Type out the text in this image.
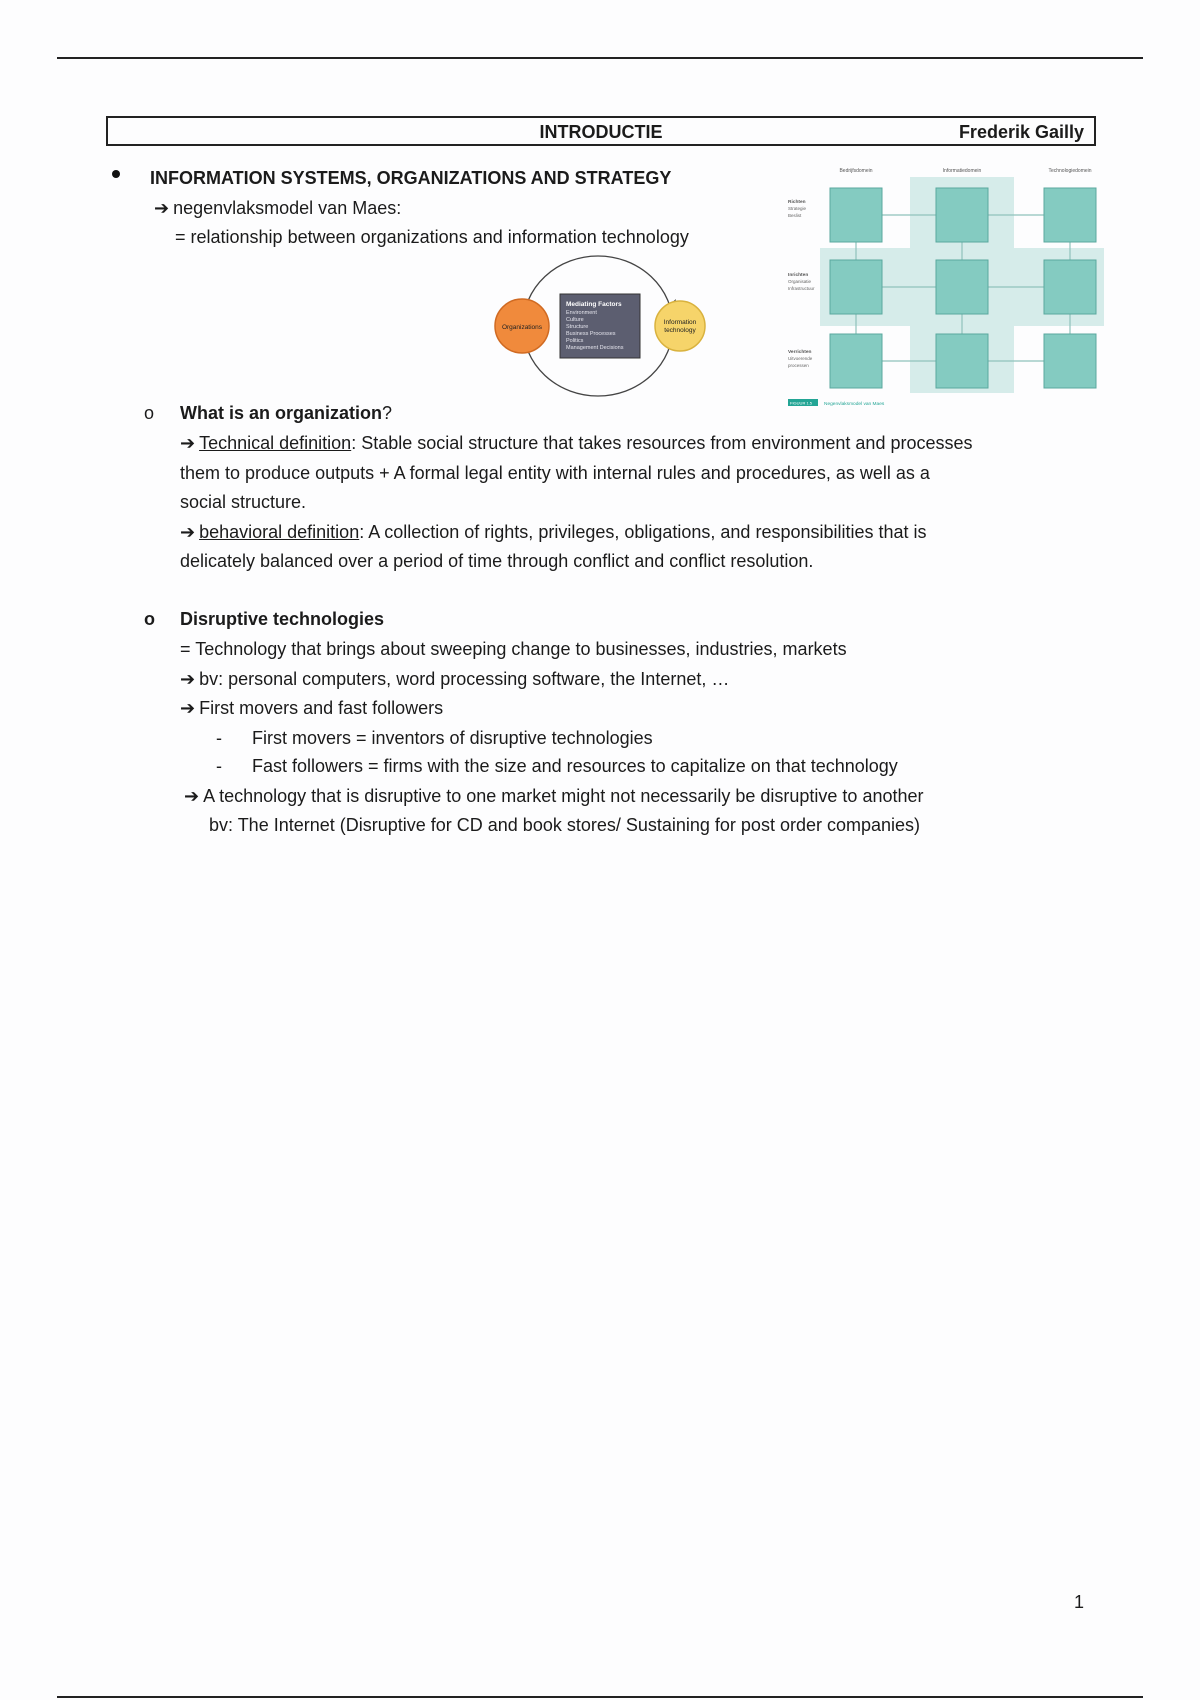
INTRODUCTIE	Frederik Gailly
INFORMATION SYSTEMS, ORGANIZATIONS AND STRATEGY
➔ negenvlaksmodel van Maes:
= relationship between organizations and information technology
Organizations
Information
technology
Mediating Factors
Environment
Culture
Structure
Business Processes
Politics
Management Decisions
Bedrijfsdomein	Informatiedomein	Technologiedomein
Richten
Strategie
Beslist
Inrichten
Organisatie
Infrastructuur
Verrichten
Uitvoerende
processen
FIGUUR 1.5 Negenvlaksmodel van Maes
o What is an organization?
➔ Technical definition: Stable social structure that takes resources from environment and processes
them to produce outputs + A formal legal entity with internal rules and procedures, as well as a
social structure.
➔ behavioral definition: A collection of rights, privileges, obligations, and responsibilities that is
delicately balanced over a period of time through conflict and conflict resolution.
o Disruptive technologies
= Technology that brings about sweeping change to businesses, industries, markets
➔ bv: personal computers, word processing software, the Internet, …
➔ First movers and fast followers
- First movers = inventors of disruptive technologies
- Fast followers = firms with the size and resources to capitalize on that technology
➔ A technology that is disruptive to one market might not necessarily be disruptive to another
bv: The Internet (Disruptive for CD and book stores/ Sustaining for post order companies)
1
